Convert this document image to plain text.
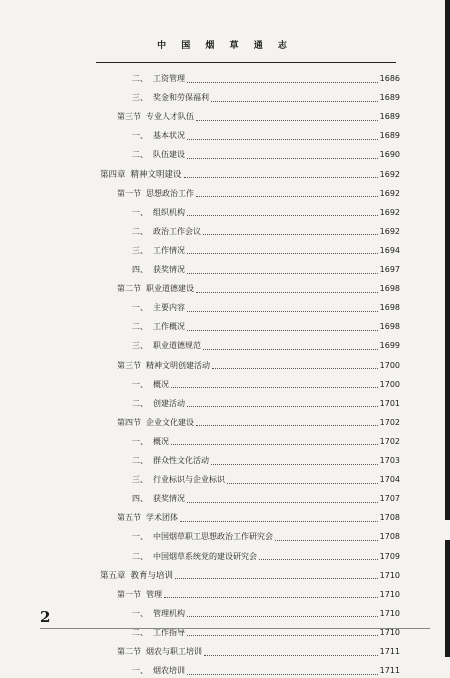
中 国 烟 草 通 志
二、 工资管理	1686
三、 奖金和劳保福利	1689
第三节 专业人才队伍	1689
一、 基本状况	1689
二、 队伍建设	1690
第四章 精神文明建设	1692
第一节 思想政治工作	1692
一、 组织机构	1692
二、 政治工作会议	1692
三、 工作情况	1694
四、 获奖情况	1697
第二节 职业道德建设	1698
一、 主要内容	1698
二、 工作概况	1698
三、 职业道德规范	1699
第三节 精神文明创建活动	1700
一、 概况	1700
二、 创建活动	1701
第四节 企业文化建设	1702
一、 概况	1702
二、 群众性文化活动	1703
三、 行业标识与企业标识	1704
四、 获奖情况	1707
第五节 学术团体	1708
一、 中国烟草职工思想政治工作研究会	1708
二、 中国烟草系统党的建设研究会	1709
第五章 教育与培训	1710
第一节 管理	1710
一、 管理机构	1710
二、 工作指导	1710
第二节 烟农与职工培训	1711
一、 烟农培训	1711
2
